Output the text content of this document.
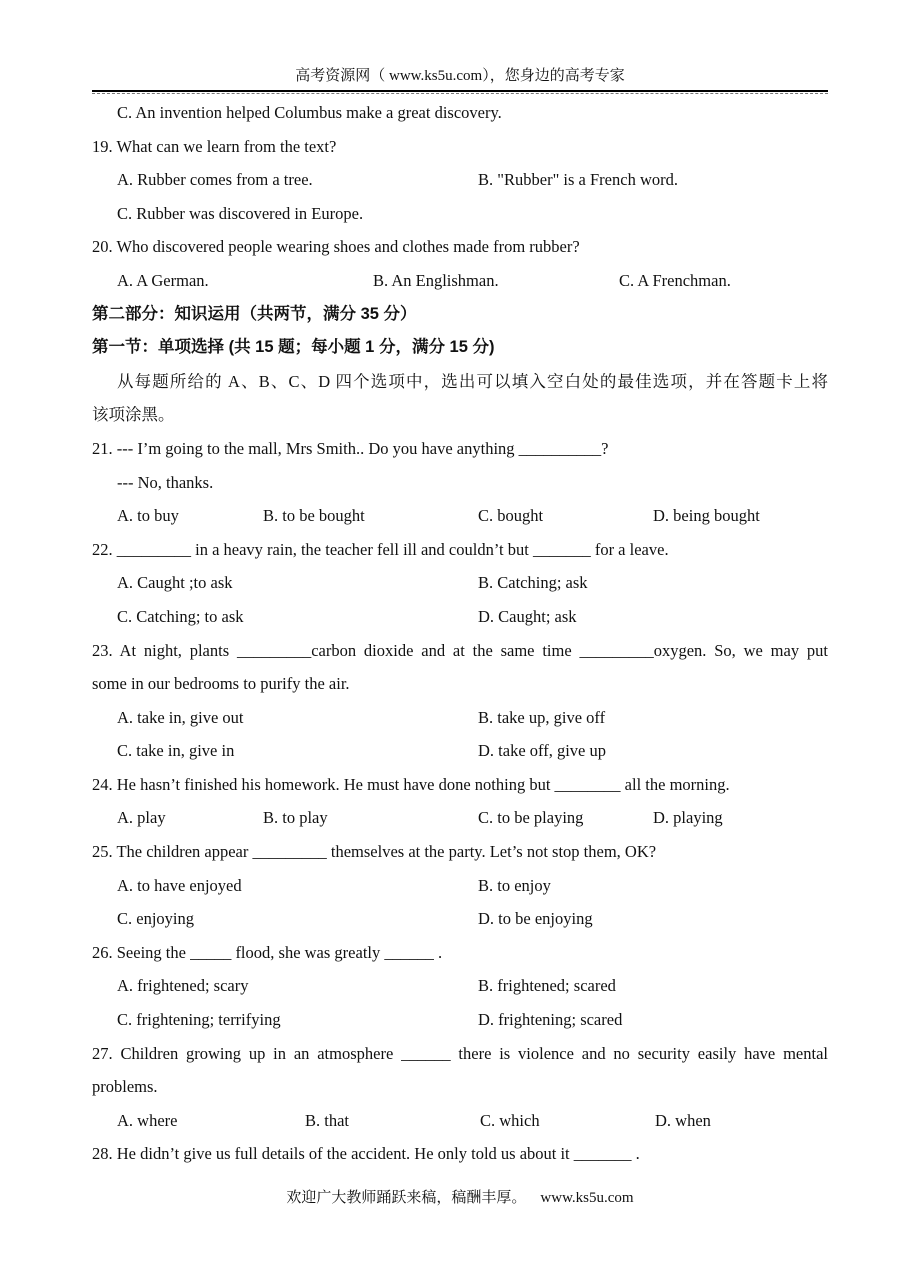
高考资源网（ www.ks5u.com），您身边的高考专家
C. An invention helped Columbus make a great discovery.
19. What can we learn from the text?
A. Rubber comes from a tree.	B. "Rubber" is a French word.
C. Rubber was discovered in Europe.
20. Who discovered people wearing shoes and clothes made from rubber?
A. A German.	B. An Englishman.	C. A Frenchman.
第二部分：知识运用（共两节，满分 35 分）
第一节：单项选择 (共 15 题；每小题 1 分，满分 15 分)
从每题所给的 A、B、C、D 四个选项中，选出可以填入空白处的最佳选项，并在答题卡上将
该项涂黑。
21. --- I’m going to the mall, Mrs Smith.. Do you have anything __________?
--- No, thanks.
A. to buy	B. to be bought	C. bought	D. being bought
22. _________ in a heavy rain, the teacher fell ill and couldn’t but _______ for a leave.
A. Caught ;to ask	B. Catching; ask
C. Catching; to ask	D. Caught; ask
23. At night, plants _________carbon dioxide and at the same time _________oxygen. So, we may put
some in our bedrooms to purify the air.
A. take in, give out	B. take up, give off
C. take in, give in	D. take off, give up
24. He hasn’t finished his homework. He must have done nothing but ________ all the morning.
A. play	B. to play	C. to be playing	D. playing
25. The children appear _________ themselves at the party. Let’s not stop them, OK?
A. to have enjoyed	B. to enjoy
C. enjoying	D. to be enjoying
26. Seeing the _____ flood, she was greatly ______ .
A. frightened; scary	B. frightened; scared
C. frightening; terrifying	D. frightening; scared
27. Children growing up in an atmosphere ______ there is violence and no security easily have mental
problems.
A. where	B. that	C. which	D. when
28. He didn’t give us full details of the accident. He only told us about it _______ .
欢迎广大教师踊跃来稿，稿酬丰厚。 www.ks5u.com
